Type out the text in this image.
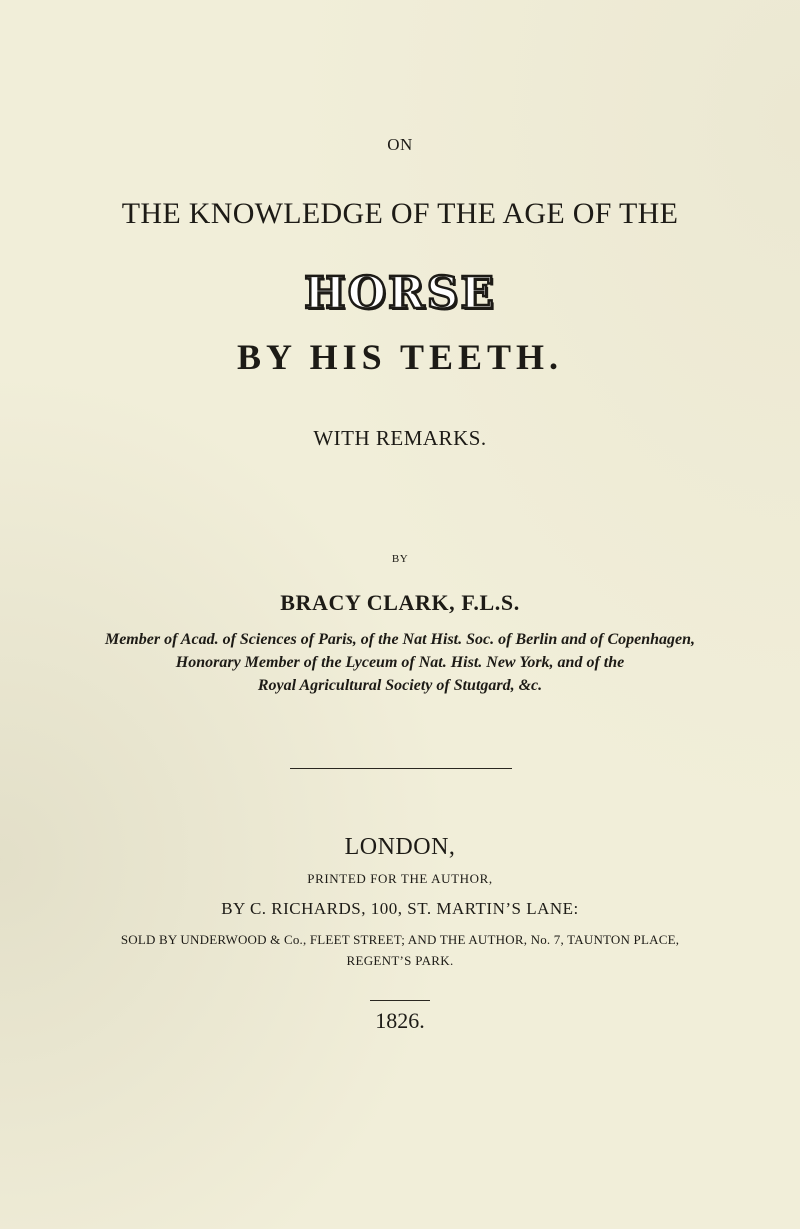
ON
THE KNOWLEDGE OF THE AGE OF THE
HORSE
BY HIS TEETH.
WITH REMARKS.
BY
BRACY CLARK, F.L.S.
Member of Acad. of Sciences of Paris, of the Nat Hist. Soc. of Berlin and of Copenhagen,
Honorary Member of the Lyceum of Nat. Hist. New York, and of the
Royal Agricultural Society of Stutgard, &c.
LONDON,
PRINTED FOR THE AUTHOR,
BY C. RICHARDS, 100, ST. MARTIN’S LANE:
SOLD BY UNDERWOOD & Co., FLEET STREET; AND THE AUTHOR, No. 7, TAUNTON PLACE,
REGENT’S PARK.
1826.
